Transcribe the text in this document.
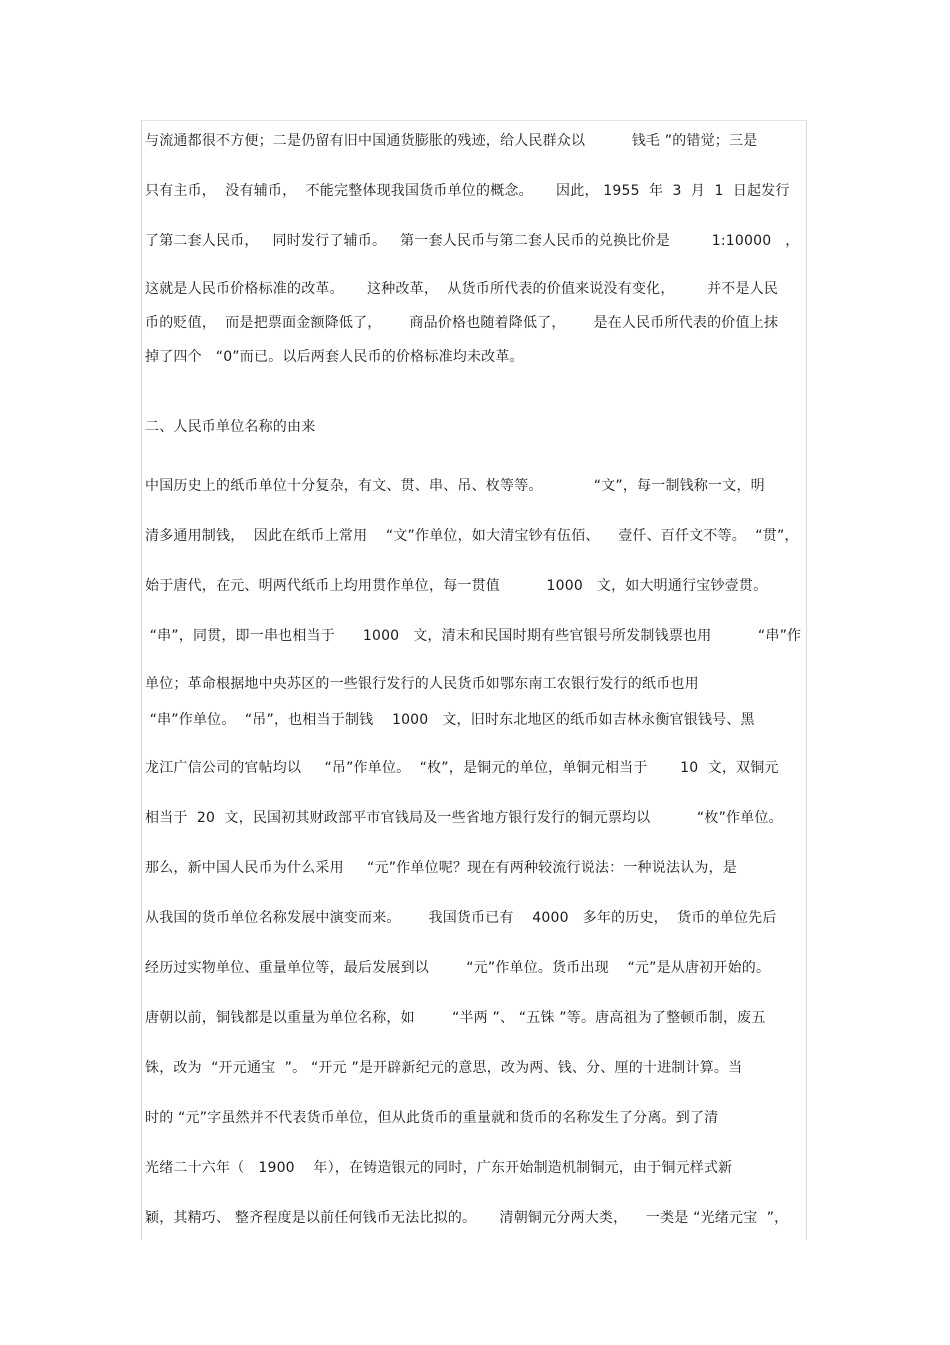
与流通都很不方便；二是仍留有旧中国通货膨胀的残迹，给人民群众以          钱毛 ”的错觉；三是
只有主币，  没有辅币，  不能完整体现我国货币单位的概念。     因此， 1955  年  3  月  1  日起发行
了第二套人民币，   同时发行了辅币。   第一套人民币与第二套人民币的兑换比价是         1:10000   ，
这就是人民币价格标准的改革。     这种改革，  从货币所代表的价值来说没有变化，       并不是人民
币的贬值，  而是把票面金额降低了，      商品价格也随着降低了，      是在人民币所代表的价值上抹
掉了四个   “0”而已。以后两套人民币的价格标准均未改革。
二、人民币单位名称的由来
中国历史上的纸币单位十分复杂，有文、贯、串、吊、枚等等。           “文”，每一制钱称一文，明
清多通用制钱，  因此在纸币上常用    “文”作单位，如大清宝钞有伍佰、    壹仟、百仟文不等。  “贯”，
始于唐代，在元、明两代纸币上均用贯作单位，每一贯值          1000   文，如大明通行宝钞壹贯。
“串”，同贯，即一串也相当于      1000   文，清末和民国时期有些官银号所发制钱票也用          “串”作
单位；革命根据地中央苏区的一些银行发行的人民货币如鄂东南工农银行发行的纸币也用
“串”作单位。  “吊”，也相当于制钱    1000   文，旧时东北地区的纸币如吉林永衡官银钱号、黑
龙江广信公司的官帖均以     “吊”作单位。  “枚”，是铜元的单位，单铜元相当于       10  文，双铜元
相当于  20  文，民国初其财政部平市官钱局及一些省地方银行发行的铜元票均以          “枚”作单位。
那么，新中国人民币为什么采用     “元”作单位呢？现在有两种较流行说法：一种说法认为，是
从我国的货币单位名称发展中演变而来。      我国货币已有    4000   多年的历史，  货币的单位先后
经历过实物单位、重量单位等，最后发展到以        “元”作单位。货币出现    “元”是从唐初开始的。
唐朝以前，铜钱都是以重量为单位名称，如        “半两 ”、 “五铢 ”等。唐高祖为了整顿币制，废五
铢，改为  “开元通宝  ”。 “开元 ”是开辟新纪元的意思，改为两、钱、分、厘的十进制计算。当
时的 “元”字虽然并不代表货币单位，但从此货币的重量就和货币的名称发生了分离。到了清
光绪二十六年（   1900    年），在铸造银元的同时，广东开始制造机制铜元，由于铜元样式新
颖，其精巧、 整齐程度是以前任何钱币无法比拟的。     清朝铜元分两大类，    一类是 “光绪元宝  ”，
